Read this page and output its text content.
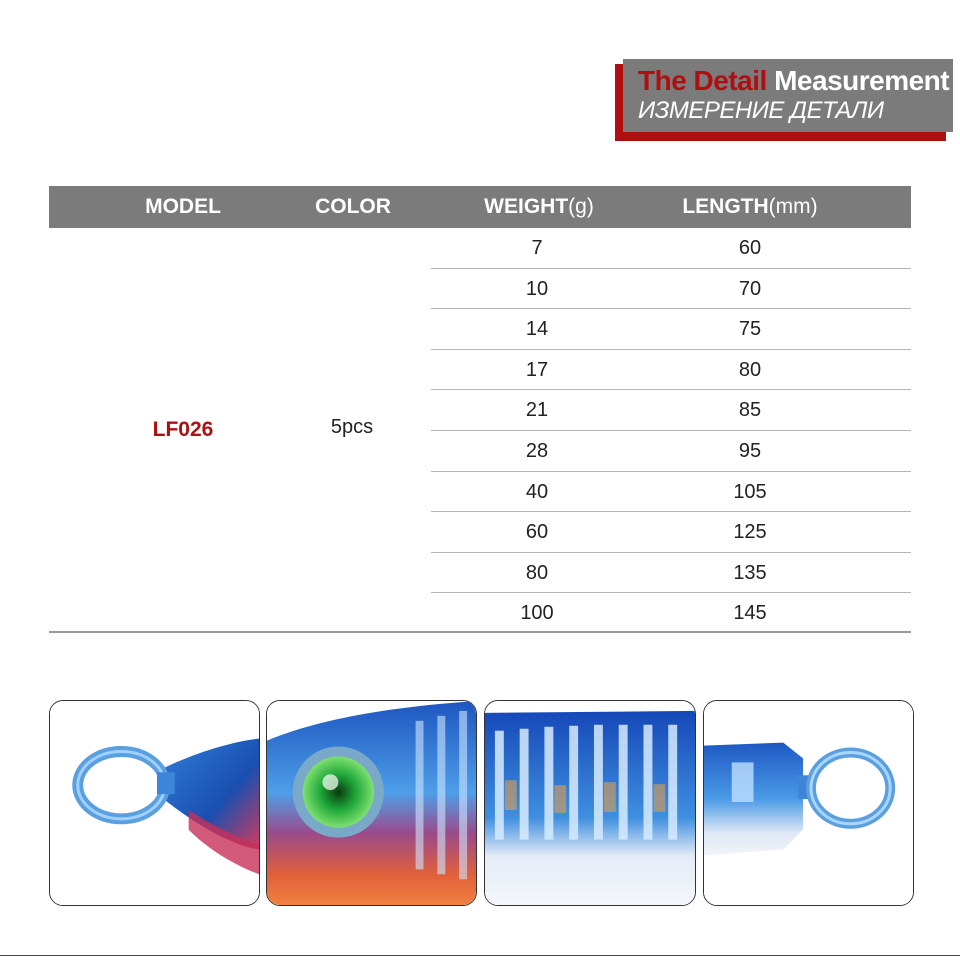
The Detail Measurement
ИЗМЕРЕНИЕ ДЕТАЛИ
MODEL	COLOR	WEIGHT(g)	LENGTH(mm)
LF026	5pcs
7	60
10	70
14	75
17	80
21	85
28	95
40	105
60	125
80	135
100	145
